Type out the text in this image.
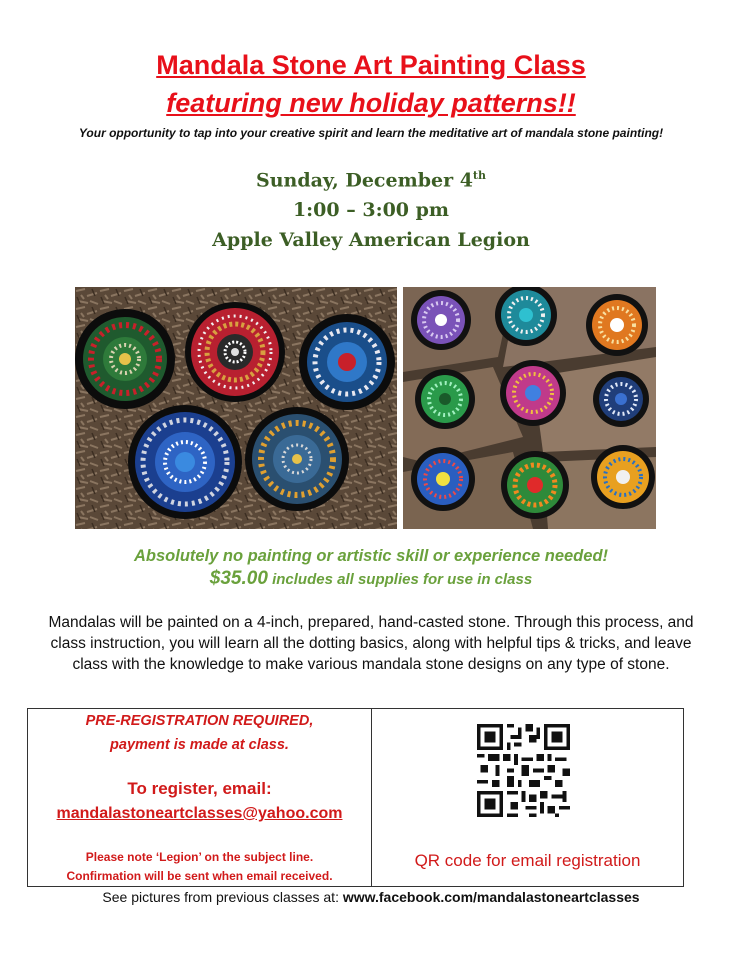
Mandala Stone Art Painting Class
featuring new holiday patterns!!
Your opportunity to tap into your creative spirit and learn the meditative art of mandala stone painting!
Sunday, December 4th
1:00 – 3:00 pm
Apple Valley American Legion
Absolutely no painting or artistic skill or experience needed!
$35.00 includes all supplies for use in class
Mandalas will be painted on a 4-inch, prepared, hand-casted stone. Through this process, and class instruction, you will learn all the dotting basics, along with helpful tips & tricks, and leave class with the knowledge to make various mandala stone designs on any type of stone.
PRE-REGISTRATION REQUIRED,
payment is made at class.
To register, email:
mandalastoneartclasses@yahoo.com
Please note ‘Legion’ on the subject line.
Confirmation will be sent when email received.
QR code for email registration
See pictures from previous classes at: www.facebook.com/mandalastoneartclasses
